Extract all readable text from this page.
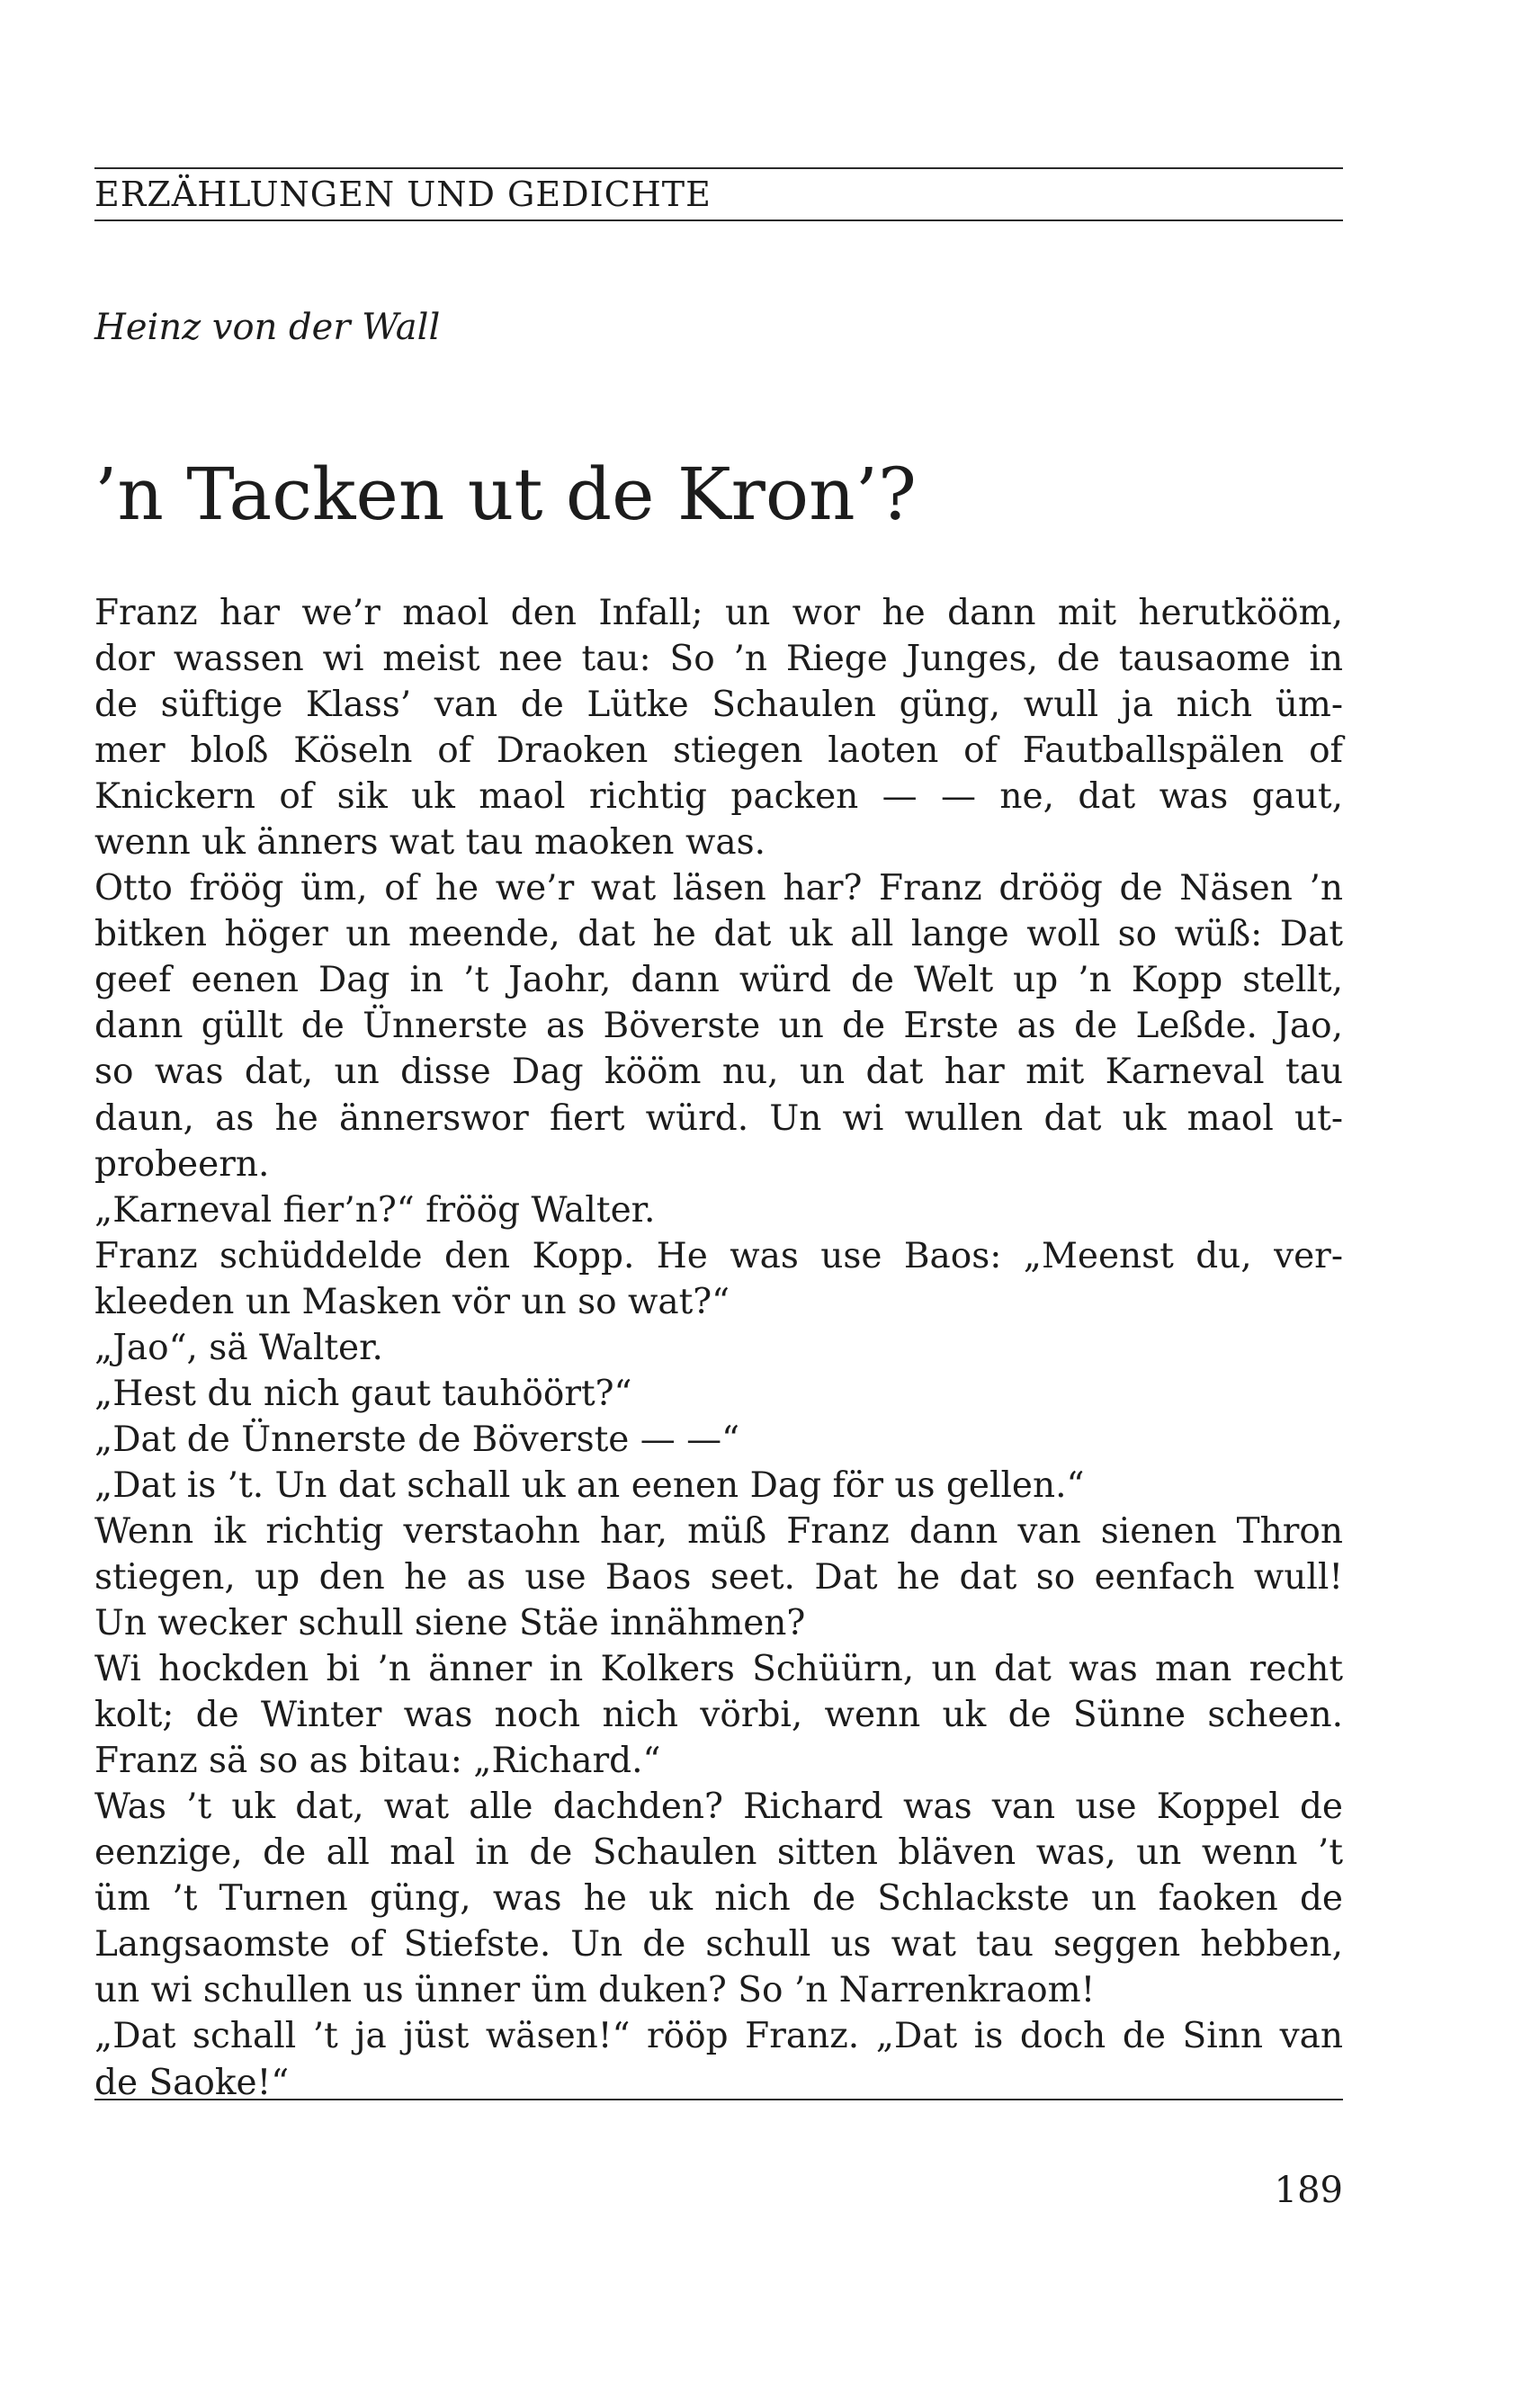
ERZÄHLUNGEN UND GEDICHTE
Heinz von der Wall
’n Tacken ut de Kron’?
Franz har we’r maol den Infall; un wor he dann mit herutkööm,
dor wassen wi meist nee tau: So ’n Riege Junges, de tausaome in
de süftige Klass’ van de Lütke Schaulen güng, wull ja nich üm-
mer bloß Köseln of Draoken stiegen laoten of Fautballspälen of
Knickern of sik uk maol richtig packen — — ne, dat was gaut,
wenn uk änners wat tau maoken was.
Otto fröög üm, of he we’r wat läsen har? Franz dröög de Näsen ’n
bitken höger un meende, dat he dat uk all lange woll so wüß: Dat
geef eenen Dag in ’t Jaohr, dann würd de Welt up ’n Kopp stellt,
dann güllt de Ünnerste as Böverste un de Erste as de Leßde. Jao,
so was dat, un disse Dag kööm nu, un dat har mit Karneval tau
daun, as he ännerswor fiert würd. Un wi wullen dat uk maol ut-
probeern.
„Karneval fier’n?“ fröög Walter.
Franz schüddelde den Kopp. He was use Baos: „Meenst du, ver-
kleeden un Masken vör un so wat?“
„Jao“, sä Walter.
„Hest du nich gaut tauhöört?“
„Dat de Ünnerste de Böverste — —“
„Dat is ’t. Un dat schall uk an eenen Dag för us gellen.“
Wenn ik richtig verstaohn har, müß Franz dann van sienen Thron
stiegen, up den he as use Baos seet. Dat he dat so eenfach wull!
Un wecker schull siene Stäe innähmen?
Wi hockden bi ’n änner in Kolkers Schüürn, un dat was man recht
kolt; de Winter was noch nich vörbi, wenn uk de Sünne scheen.
Franz sä so as bitau: „Richard.“
Was ’t uk dat, wat alle dachden? Richard was van use Koppel de
eenzige, de all mal in de Schaulen sitten bläven was, un wenn ’t
üm ’t Turnen güng, was he uk nich de Schlackste un faoken de
Langsaomste of Stiefste. Un de schull us wat tau seggen hebben,
un wi schullen us ünner üm duken? So ’n Narrenkraom!
„Dat schall ’t ja jüst wäsen!“ rööp Franz. „Dat is doch de Sinn van
de Saoke!“
189
